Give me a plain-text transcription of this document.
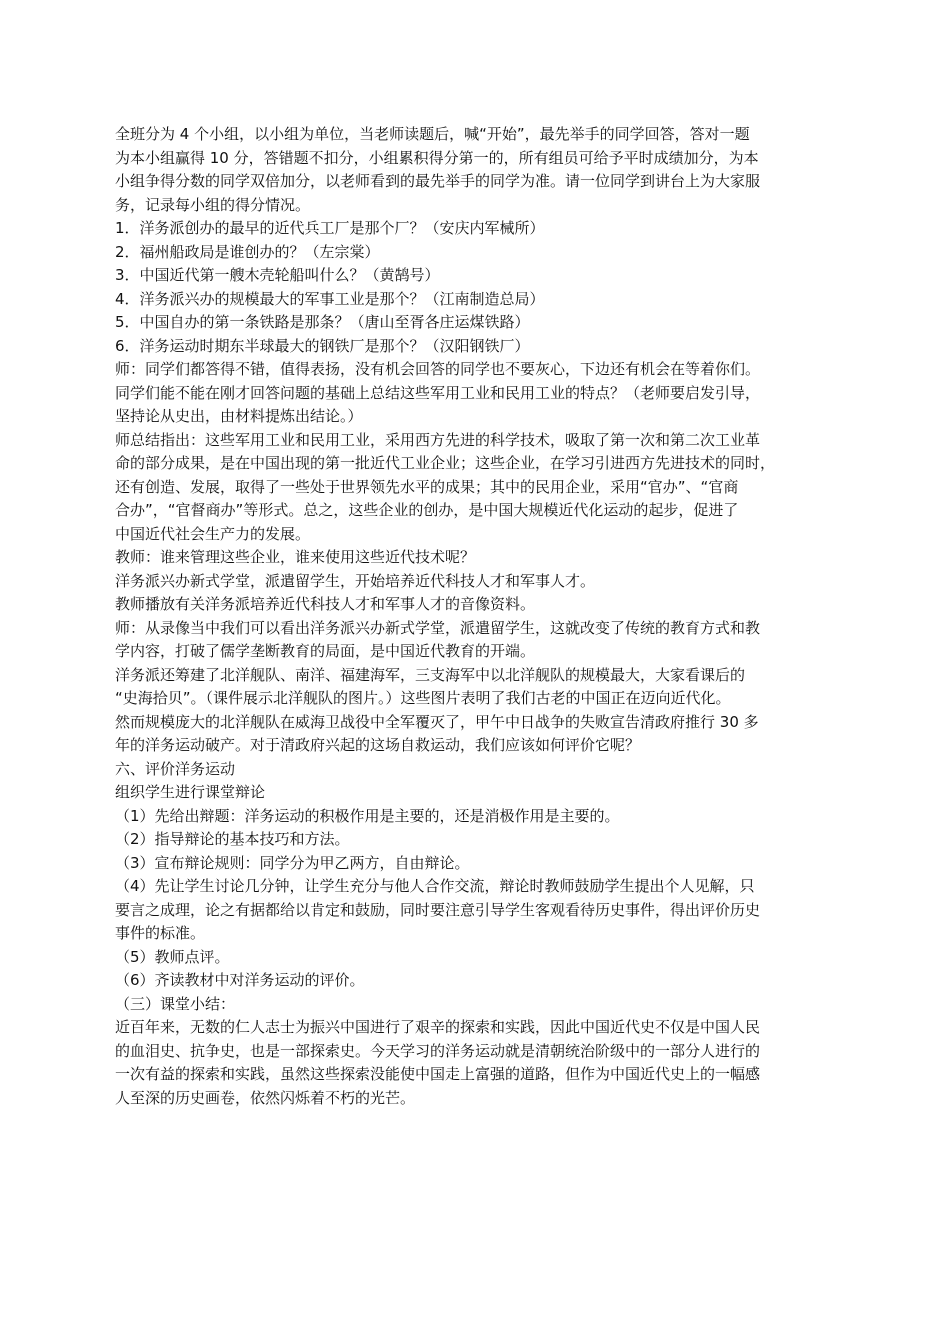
全班分为 4 个小组，以小组为单位，当老师读题后，喊“开始”，最先举手的同学回答，答对一题
为本小组赢得 10 分，答错题不扣分，小组累积得分第一的，所有组员可给予平时成绩加分，为本
小组争得分数的同学双倍加分，以老师看到的最先举手的同学为准。请一位同学到讲台上为大家服
务，记录每小组的得分情况。
1．洋务派创办的最早的近代兵工厂是那个厂？（安庆内军械所）
2．福州船政局是谁创办的？（左宗棠）
3．中国近代第一艘木壳轮船叫什么？（黄鹄号）
4．洋务派兴办的规模最大的军事工业是那个？（江南制造总局）
5．中国自办的第一条铁路是那条？（唐山至胥各庄运煤铁路）
6．洋务运动时期东半球最大的钢铁厂是那个？（汉阳钢铁厂）
师：同学们都答得不错，值得表扬，没有机会回答的同学也不要灰心，下边还有机会在等着你们。
同学们能不能在刚才回答问题的基础上总结这些军用工业和民用工业的特点？（老师要启发引导，
坚持论从史出，由材料提炼出结论。）
师总结指出：这些军用工业和民用工业，采用西方先进的科学技术，吸取了第一次和第二次工业革
命的部分成果，是在中国出现的第一批近代工业企业；这些企业，在学习引进西方先进技术的同时，
还有创造、发展，取得了一些处于世界领先水平的成果；其中的民用企业，采用“官办”、“官商
合办”，“官督商办”等形式。总之，这些企业的创办，是中国大规模近代化运动的起步，促进了
中国近代社会生产力的发展。
教师：谁来管理这些企业，谁来使用这些近代技术呢？
洋务派兴办新式学堂，派遣留学生，开始培养近代科技人才和军事人才。
教师播放有关洋务派培养近代科技人才和军事人才的音像资料。
师：从录像当中我们可以看出洋务派兴办新式学堂，派遣留学生，这就改变了传统的教育方式和教
学内容，打破了儒学垄断教育的局面，是中国近代教育的开端。
洋务派还筹建了北洋舰队、南洋、福建海军，三支海军中以北洋舰队的规模最大，大家看课后的
“史海拾贝”。（课件展示北洋舰队的图片。）这些图片表明了我们古老的中国正在迈向近代化。
然而规模庞大的北洋舰队在威海卫战役中全军覆灭了，甲午中日战争的失败宣告清政府推行 30 多
年的洋务运动破产。对于清政府兴起的这场自救运动，我们应该如何评价它呢？
六、评价洋务运动
组织学生进行课堂辩论
（1）先给出辩题：洋务运动的积极作用是主要的，还是消极作用是主要的。
（2）指导辩论的基本技巧和方法。
（3）宣布辩论规则：同学分为甲乙两方，自由辩论。
（4）先让学生讨论几分钟，让学生充分与他人合作交流，辩论时教师鼓励学生提出个人见解，只
要言之成理，论之有据都给以肯定和鼓励，同时要注意引导学生客观看待历史事件，得出评价历史
事件的标准。
（5）教师点评。
（6）齐读教材中对洋务运动的评价。
（三）课堂小结：
近百年来，无数的仁人志士为振兴中国进行了艰辛的探索和实践，因此中国近代史不仅是中国人民
的血泪史、抗争史，也是一部探索史。今天学习的洋务运动就是清朝统治阶级中的一部分人进行的
一次有益的探索和实践，虽然这些探索没能使中国走上富强的道路，但作为中国近代史上的一幅感
人至深的历史画卷，依然闪烁着不朽的光芒。
